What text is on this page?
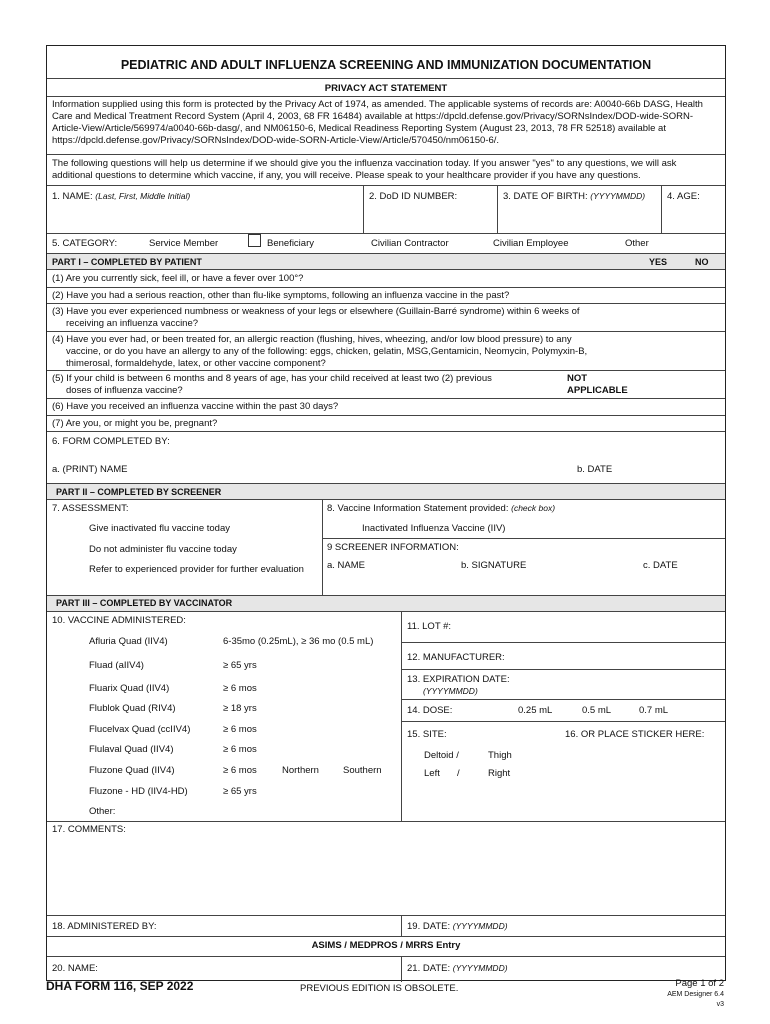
PEDIATRIC AND ADULT INFLUENZA SCREENING AND IMMUNIZATION DOCUMENTATION
PRIVACY ACT STATEMENT
Information supplied using this form is protected by the Privacy Act of 1974, as amended. The applicable systems of records are: A0040-66b DASG, Health Care and Medical Treatment Record System (April 4, 2003, 68 FR 16484) available at https://dpcld.defense.gov/Privacy/SORNsIndex/DOD-wide-SORN-Article-View/Article/569974/a0040-66b-dasg/, and NM06150-6, Medical Readiness Reporting System (August 23, 2013, 78 FR 52518) available at https://dpcld.defense.gov/Privacy/SORNsIndex/DOD-wide-SORN-Article-View/Article/570450/nm06150-6/.
The following questions will help us determine if we should give you the influenza vaccination today. If you answer "yes" to any questions, we will ask additional questions to determine which vaccine, if any, you will receive. Please speak to your healthcare provider if you have any questions.
1. NAME: (Last, First, Middle Initial)	2. DoD ID NUMBER:	3. DATE OF BIRTH: (YYYYMMDD) 4. AGE:
5. CATEGORY:	Service Member	Beneficiary	Civilian Contractor	Civilian Employee	Other
PART I – COMPLETED BY PATIENT	YES	NO
(1) Are you currently sick, feel ill, or have a fever over 100°?
(2) Have you had a serious reaction, other than flu-like symptoms, following an influenza vaccine in the past?
(3) Have you ever experienced numbness or weakness of your legs or elsewhere (Guillain-Barré syndrome) within 6 weeks of
receiving an influenza vaccine?
(4) Have you ever had, or been treated for, an allergic reaction (flushing, hives, wheezing, and/or low blood pressure) to any
vaccine, or do you have an allergy to any of the following: eggs, chicken, gelatin, MSG,Gentamicin, Neomycin, Polymyxin-B,
thimerosal, formaldehyde, latex, or other vaccine component?
(5) If your child is between 6 months and 8 years of age, has your child received at least two (2) previous
doses of influenza vaccine?
NOT
APPLICABLE
(6) Have you received an influenza vaccine within the past 30 days?
(7) Are you, or might you be, pregnant?
6. FORM COMPLETED BY:
a. (PRINT) NAME	b. DATE
PART II – COMPLETED BY SCREENER
7. ASSESSMENT:
Give inactivated flu vaccine today
Do not administer flu vaccine today
Refer to experienced provider for further evaluation
8. Vaccine Information Statement provided: (check box)
Inactivated Influenza Vaccine (IIV)
9 SCREENER INFORMATION:
a. NAME	b. SIGNATURE	c. DATE
PART III – COMPLETED BY VACCINATOR
10. VACCINE ADMINISTERED:
Afluria Quad (IIV4)	6-35mo (0.25mL), ≥ 36 mo (0.5 mL)
Fluad (aIIV4)	≥ 65 yrs
Fluarix Quad (IIV4)	≥ 6 mos
Flublok Quad (RIV4)	≥ 18 yrs
Flucelvax Quad (ccIIV4)	≥ 6 mos
Flulaval Quad (IIV4)	≥ 6 mos
Fluzone Quad (IIV4)	≥ 6 mos	Northern	Southern
Fluzone - HD (IIV4-HD)	≥ 65 yrs
Other:
11. LOT #:
12. MANUFACTURER:
13. EXPIRATION DATE:
(YYYYMMDD)
14. DOSE:	0.25 mL	0.5 mL	0.7 mL
15. SITE:	16. OR PLACE STICKER HERE:
Deltoid /	Thigh
Left /	Right
17. COMMENTS:
18. ADMINISTERED BY:	19. DATE: (YYYYMMDD)
ASIMS / MEDPROS / MRRS Entry
20. NAME:	21. DATE: (YYYYMMDD)
DHA FORM 116, SEP 2022	PREVIOUS EDITION IS OBSOLETE.	Page 1 of 2
AEM Designer 6.4
v3
